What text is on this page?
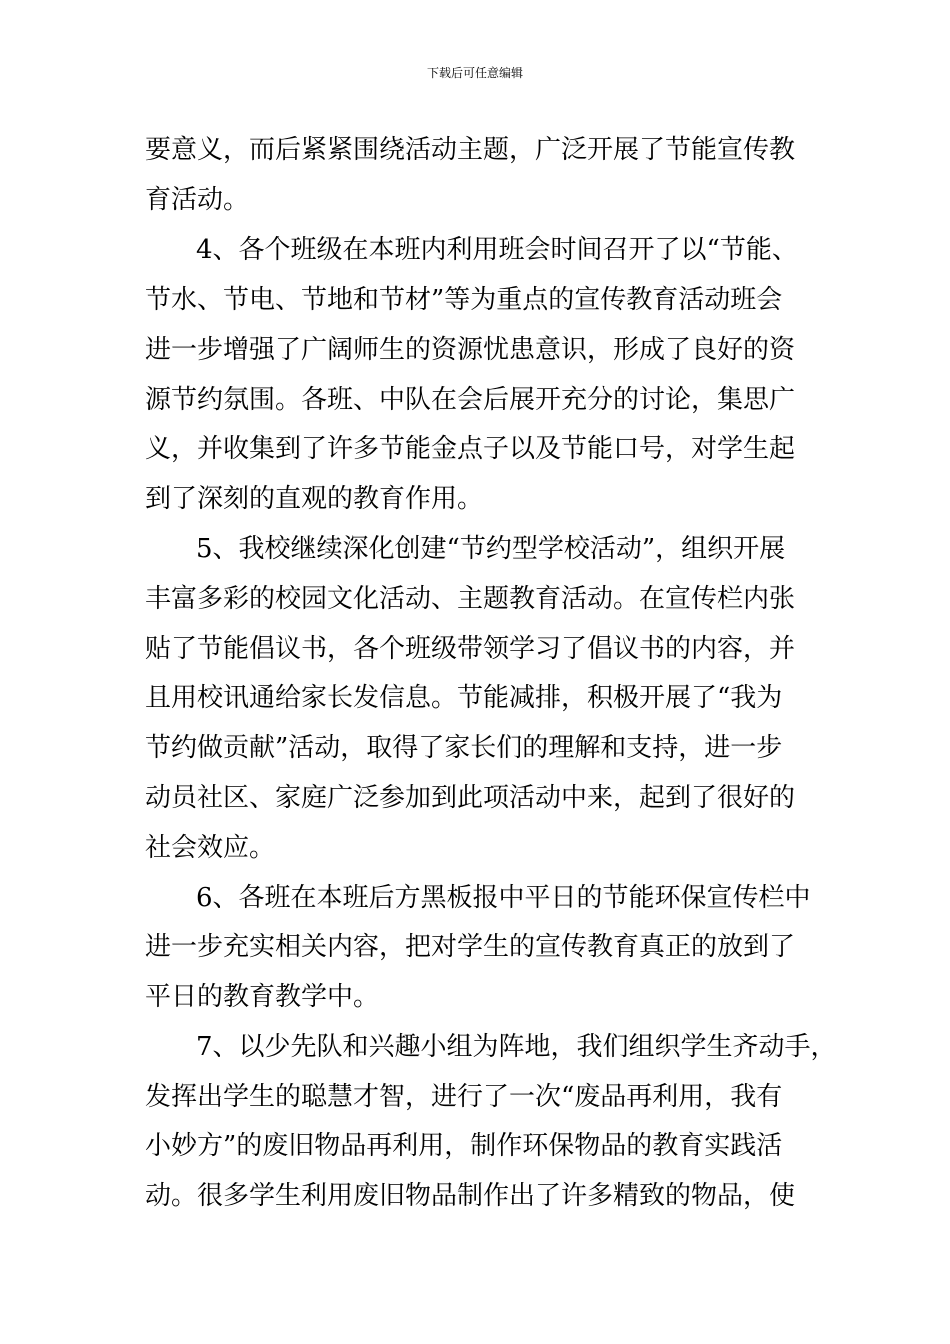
下载后可任意编辑
要意义，而后紧紧围绕活动主题，广泛开展了节能宣传教
育活动。
4、各个班级在本班内利用班会时间召开了以“节能、
节水、节电、节地和节材”等为重点的宣传教育活动班会
进一步增强了广阔师生的资源忧患意识，形成了良好的资
源节约氛围。各班、中队在会后展开充分的讨论，集思广
义，并收集到了许多节能金点子以及节能口号，对学生起
到了深刻的直观的教育作用。
5、我校继续深化创建“节约型学校活动”，组织开展
丰富多彩的校园文化活动、主题教育活动。在宣传栏内张
贴了节能倡议书，各个班级带领学习了倡议书的内容，并
且用校讯通给家长发信息。节能减排，积极开展了“我为
节约做贡献”活动，取得了家长们的理解和支持，进一步
动员社区、家庭广泛参加到此项活动中来，起到了很好的
社会效应。
6、各班在本班后方黑板报中平日的节能环保宣传栏中
进一步充实相关内容，把对学生的宣传教育真正的放到了
平日的教育教学中。
7、以少先队和兴趣小组为阵地，我们组织学生齐动手，
发挥出学生的聪慧才智，进行了一次“废品再利用，我有
小妙方”的废旧物品再利用，制作环保物品的教育实践活
动。很多学生利用废旧物品制作出了许多精致的物品，使
